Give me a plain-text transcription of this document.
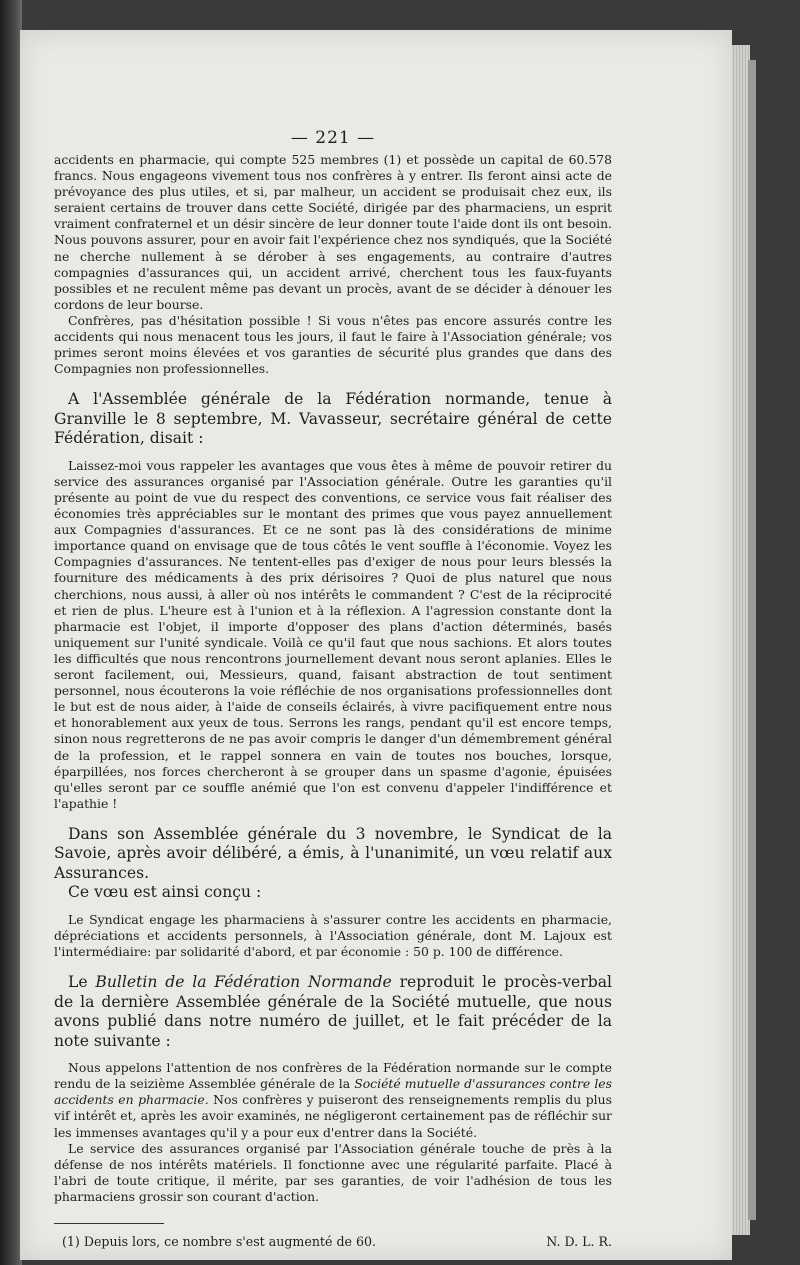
— 221 —

accidents en pharmacie, qui compte 525 membres (1) et possède un capital de 60.578 francs. Nous engageons vivement tous nos confrères à y entrer. Ils feront ainsi acte de prévoyance des plus utiles, et si, par malheur, un accident se produisait chez eux, ils seraient certains de trouver dans cette Société, dirigée par des pharmaciens, un esprit vraiment confraternel et un désir sincère de leur donner toute l'aide dont ils ont besoin. Nous pouvons assurer, pour en avoir fait l'expérience chez nos syndiqués, que la Société ne cherche nullement à se dérober à ses engagements, au contraire d'autres compagnies d'assurances qui, un accident arrivé, cherchent tous les faux-fuyants possibles et ne reculent même pas devant un procès, avant de se décider à dénouer les cordons de leur bourse.

Confrères, pas d'hésitation possible ! Si vous n'êtes pas encore assurés contre les accidents qui nous menacent tous les jours, il faut le faire à l'Association générale; vos primes seront moins élevées et vos garanties de sécurité plus grandes que dans des Compagnies non professionnelles.

A l'Assemblée générale de la Fédération normande, tenue à Granville le 8 septembre, M. Vavasseur, secrétaire général de cette Fédération, disait :

Laissez-moi vous rappeler les avantages que vous êtes à même de pouvoir retirer du service des assurances organisé par l'Association générale. Outre les garanties qu'il présente au point de vue du respect des conventions, ce service vous fait réaliser des économies très appréciables sur le montant des primes que vous payez annuellement aux Compagnies d'assurances. Et ce ne sont pas là des considérations de minime importance quand on envisage que de tous côtés le vent souffle à l'économie. Voyez les Compagnies d'assurances. Ne tentent-elles pas d'exiger de nous pour leurs blessés la fourniture des médicaments à des prix dérisoires ? Quoi de plus naturel que nous cherchions, nous aussi, à aller où nos intérêts le commandent ? C'est de la réciprocité et rien de plus. L'heure est à l'union et à la réflexion. A l'agression constante dont la pharmacie est l'objet, il importe d'opposer des plans d'action déterminés, basés uniquement sur l'unité syndicale. Voilà ce qu'il faut que nous sachions. Et alors toutes les difficultés que nous rencontrons journellement devant nous seront aplanies. Elles le seront facilement, oui, Messieurs, quand, faisant abstraction de tout sentiment personnel, nous écouterons la voie réfléchie de nos organisations professionnelles dont le but est de nous aider, à l'aide de conseils éclairés, à vivre pacifiquement entre nous et honorablement aux yeux de tous. Serrons les rangs, pendant qu'il est encore temps, sinon nous regretterons de ne pas avoir compris le danger d'un démembrement général de la profession, et le rappel sonnera en vain de toutes nos bouches, lorsque, éparpillées, nos forces chercheront à se grouper dans un spasme d'agonie, épuisées qu'elles seront par ce souffle anémié que l'on est convenu d'appeler l'indifférence et l'apathie !

Dans son Assemblée générale du 3 novembre, le Syndicat de la Savoie, après avoir délibéré, a émis, à l'unanimité, un vœu relatif aux Assurances.

Ce vœu est ainsi conçu :

Le Syndicat engage les pharmaciens à s'assurer contre les accidents en pharmacie, dépréciations et accidents personnels, à l'Association générale, dont M. Lajoux est l'intermédiaire: par solidarité d'abord, et par économie : 50 p. 100 de différence.

Le Bulletin de la Fédération Normande reproduit le procès-verbal de la dernière Assemblée générale de la Société mutuelle, que nous avons publié dans notre numéro de juillet, et le fait précéder de la note suivante :

Nous appelons l'attention de nos confrères de la Fédération normande sur le compte rendu de la seizième Assemblée générale de la Société mutuelle d'assurances contre les accidents en pharmacie. Nos confrères y puiseront des renseignements remplis du plus vif intérêt et, après les avoir examinés, ne négligeront certainement pas de réfléchir sur les immenses avantages qu'il y a pour eux d'entrer dans la Société.

Le service des assurances organisé par l'Association générale touche de près à la défense de nos intérêts matériels. Il fonctionne avec une régularité parfaite. Placé à l'abri de toute critique, il mérite, par ses garanties, de voir l'adhésion de tous les pharmaciens grossir son courant d'action.

(1) Depuis lors, ce nombre s'est augmenté de 60.	N. D. L. R.
